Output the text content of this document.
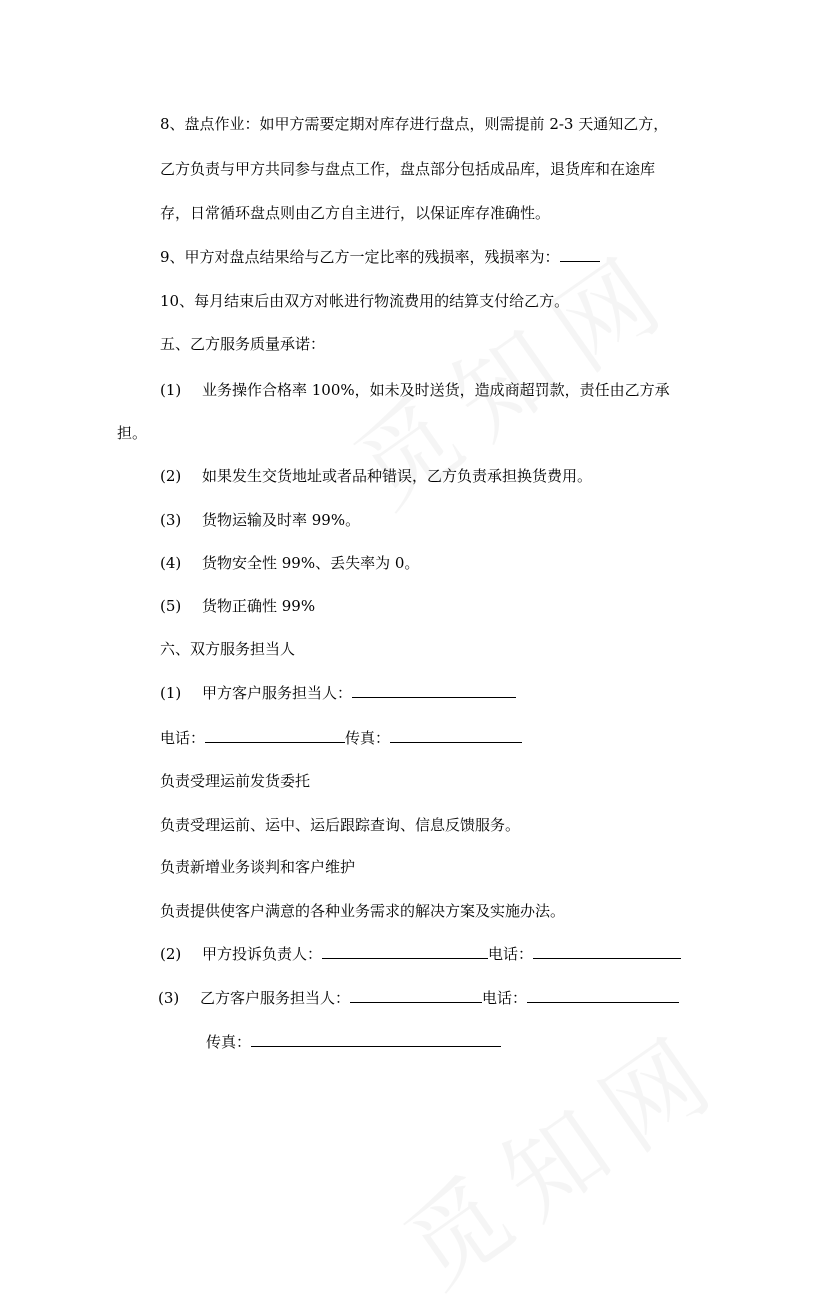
8、盘点作业：如甲方需要定期对库存进行盘点，则需提前 2-3 天通知乙方，
乙方负责与甲方共同参与盘点工作，盘点部分包括成品库，退货库和在途库
存，日常循环盘点则由乙方自主进行，以保证库存准确性。
9、甲方对盘点结果给与乙方一定比率的残损率，残损率为：
10、每月结束后由双方对帐进行物流费用的结算支付给乙方。
五、乙方服务质量承诺：
(1) 业务操作合格率 100%，如未及时送货，造成商超罚款，责任由乙方承
担。
(2) 如果发生交货地址或者品种错误，乙方负责承担换货费用。
(3) 货物运输及时率 99%。
(4) 货物安全性 99%、丢失率为 0。
(5) 货物正确性 99%
六、双方服务担当人
(1) 甲方客户服务担当人：
电话：	传真：
负责受理运前发货委托
负责受理运前、运中、运后跟踪查询、信息反馈服务。
负责新增业务谈判和客户维护
负责提供使客户满意的各种业务需求的解决方案及实施办法。
(2) 甲方投诉负责人：	电话：
(3) 乙方客户服务担当人：	电话：
传真：
